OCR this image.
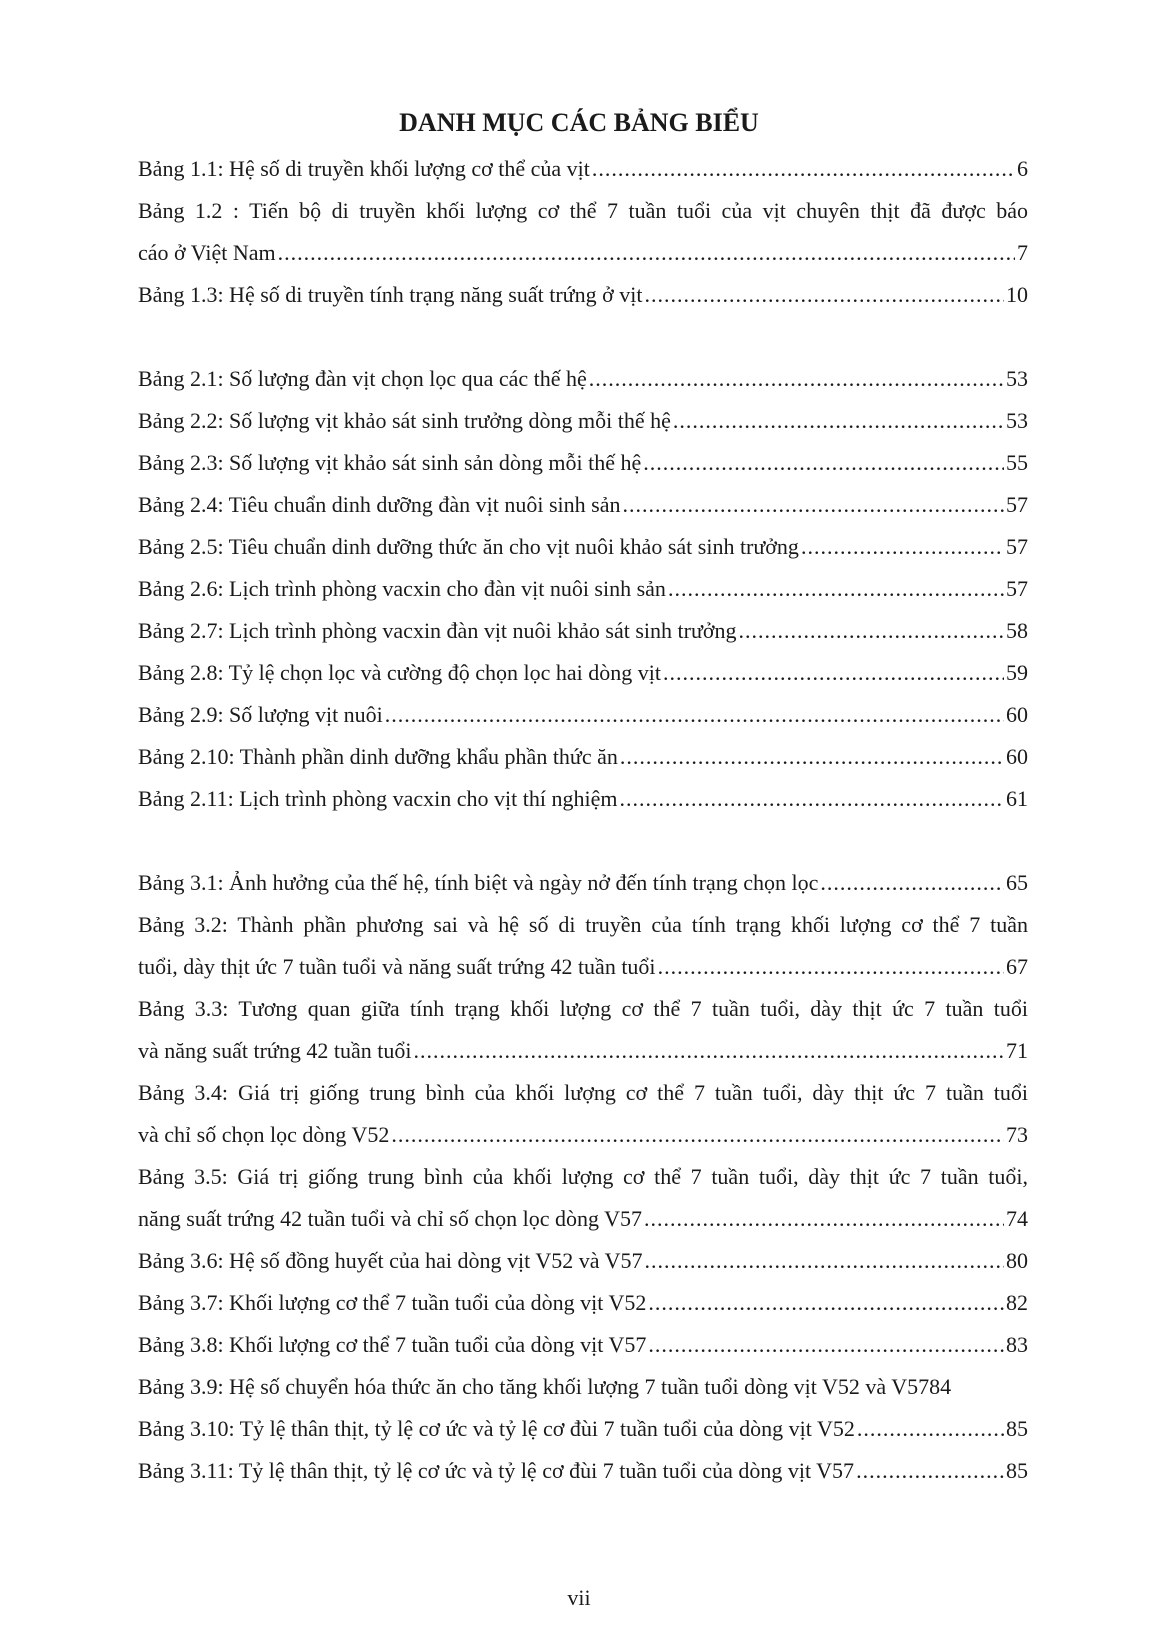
DANH MỤC CÁC BẢNG BIỂU
Bảng 1.1: Hệ số di truyền khối lượng cơ thể của vịt .....	6
Bảng 1.2 : Tiến bộ di truyền khối lượng cơ thể 7 tuần tuổi của vịt chuyên thịt đã được báo
cáo ở Việt Nam .....	7
Bảng 1.3: Hệ số di truyền tính trạng năng suất trứng ở vịt .....	10
Bảng 2.1: Số lượng đàn vịt chọn lọc qua các thế hệ .....	53
Bảng 2.2: Số lượng vịt khảo sát sinh trưởng dòng mỗi thế hệ .....	53
Bảng 2.3: Số lượng vịt khảo sát sinh sản dòng mỗi thế hệ .....	55
Bảng 2.4: Tiêu chuẩn dinh dưỡng đàn vịt nuôi sinh sản .....	57
Bảng 2.5: Tiêu chuẩn dinh dưỡng thức ăn cho vịt nuôi khảo sát sinh trưởng .....	57
Bảng 2.6: Lịch trình phòng vacxin cho đàn vịt nuôi sinh sản .....	57
Bảng 2.7: Lịch trình phòng vacxin đàn vịt nuôi khảo sát sinh trưởng .....	58
Bảng 2.8: Tỷ lệ chọn lọc và cường độ chọn lọc hai dòng vịt .....	59
Bảng 2.9: Số lượng vịt nuôi .....	60
Bảng 2.10: Thành phần dinh dưỡng khẩu phần thức ăn .....	60
Bảng 2.11: Lịch trình phòng vacxin cho vịt thí nghiệm .....	61
Bảng 3.1: Ảnh hưởng của thế hệ, tính biệt và ngày nở đến tính trạng chọn lọc .....	65
Bảng 3.2: Thành phần phương sai và hệ số di truyền của tính trạng khối lượng cơ thể 7 tuần
tuổi, dày thịt ức 7 tuần tuổi và năng suất trứng 42 tuần tuổi .....	67
Bảng 3.3: Tương quan giữa tính trạng khối lượng cơ thể 7 tuần tuổi, dày thịt ức 7 tuần tuổi
và năng suất trứng 42 tuần tuổi .....	71
Bảng 3.4: Giá trị giống trung bình của khối lượng cơ thể 7 tuần tuổi, dày thịt ức 7 tuần tuổi
và chỉ số chọn lọc dòng V52 .....	73
Bảng 3.5: Giá trị giống trung bình của khối lượng cơ thể 7 tuần tuổi, dày thịt ức 7 tuần tuổi,
năng suất trứng 42 tuần tuổi và chỉ số chọn lọc dòng V57 .....	74
Bảng 3.6: Hệ số đồng huyết của hai dòng vịt V52 và V57 .....	80
Bảng 3.7: Khối lượng cơ thể 7 tuần tuổi của dòng vịt V52 .....	82
Bảng 3.8: Khối lượng cơ thể 7 tuần tuổi của dòng vịt V57 .....	83
Bảng 3.9: Hệ số chuyển hóa thức ăn cho tăng khối lượng 7 tuần tuổi dòng vịt V52 và V57 84
Bảng 3.10: Tỷ lệ thân thịt, tỷ lệ cơ ức và tỷ lệ cơ đùi 7 tuần tuổi của dòng vịt V52 .....	85
Bảng 3.11: Tỷ lệ thân thịt, tỷ lệ cơ ức và tỷ lệ cơ đùi 7 tuần tuổi của dòng vịt V57 .....	85
vii
